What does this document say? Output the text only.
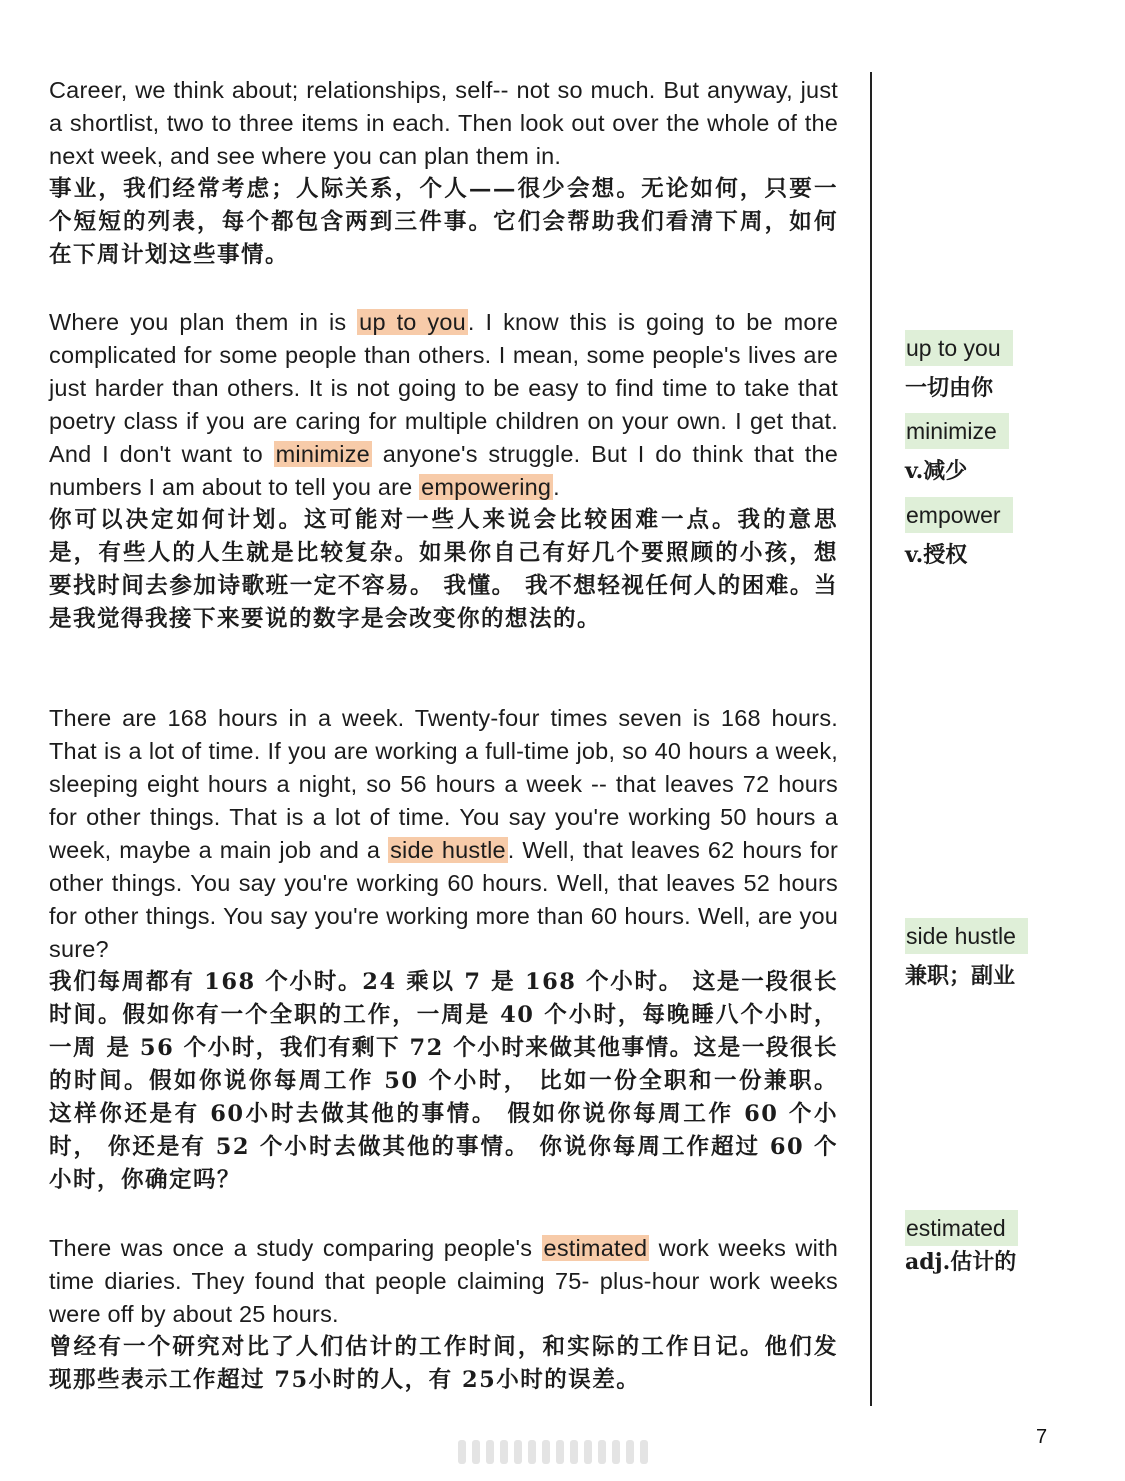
Career, we think about; relationships, self-- not so much. But anyway, just a shortlist, two to three items in each. Then look out over the whole of the next week, and see where you can plan them in.

事业，我们经常考虑；人际关系，个人——很少会想。无论如何，只要一个短短的列表，每个都包含两到三件事。它们会帮助我们看清下周，如何在下周计划这些事情。

Where you plan them in is up to you. I know this is going to be more complicated for some people than others. I mean, some people's lives are just harder than others. It is not going to be easy to find time to take that poetry class if you are caring for multiple children on your own. I get that. And I don't want to minimize anyone's struggle. But I do think that the numbers I am about to tell you are empowering.

你可以决定如何计划。这可能对一些人来说会比较困难一点。我的意思是，有些人的人生就是比较复杂。如果你自己有好几个要照顾的小孩，想要找时间去参加诗歌班一定不容易。 我懂。 我不想轻视任何人的困难。当是我觉得我接下来要说的数字是会改变你的想法的。

There are 168 hours in a week. Twenty-four times seven is 168 hours. That is a lot of time. If you are working a full-time job, so 40 hours a week, sleeping eight hours a night, so 56 hours a week -- that leaves 72 hours for other things. That is a lot of time. You say you're working 50 hours a week, maybe a main job and a side hustle. Well, that leaves 62 hours for other things. You say you're working 60 hours. Well, that leaves 52 hours for other things. You say you're working more than 60 hours. Well, are you sure?

我们每周都有 168 个小时。24 乘以 7 是 168 个小时。 这是一段很长时间。假如你有一个全职的工作，一周是 40 个小时，每晚睡八个小时，一周 是 56 个小时，我们有剩下 72 个小时来做其他事情。这是一段很长的时间。假如你说你每周工作 50 个小时， 比如一份全职和一份兼职。 这样你还是有 60小时去做其他的事情。 假如你说你每周工作 60 个小时， 你还是有 52 个小时去做其他的事情。 你说你每周工作超过 60 个小时，你确定吗？

There was once a study comparing people's estimated work weeks with time diaries. They found that people claiming 75- plus-hour work weeks were off by about 25 hours.

曾经有一个研究对比了人们估计的工作时间，和实际的工作日记。他们发现那些表示工作超过 75小时的人，有 25小时的误差。

up to you
一切由你
minimize
v.减少
empower
v.授权
side hustle
兼职；副业
estimated
adj.估计的
7
